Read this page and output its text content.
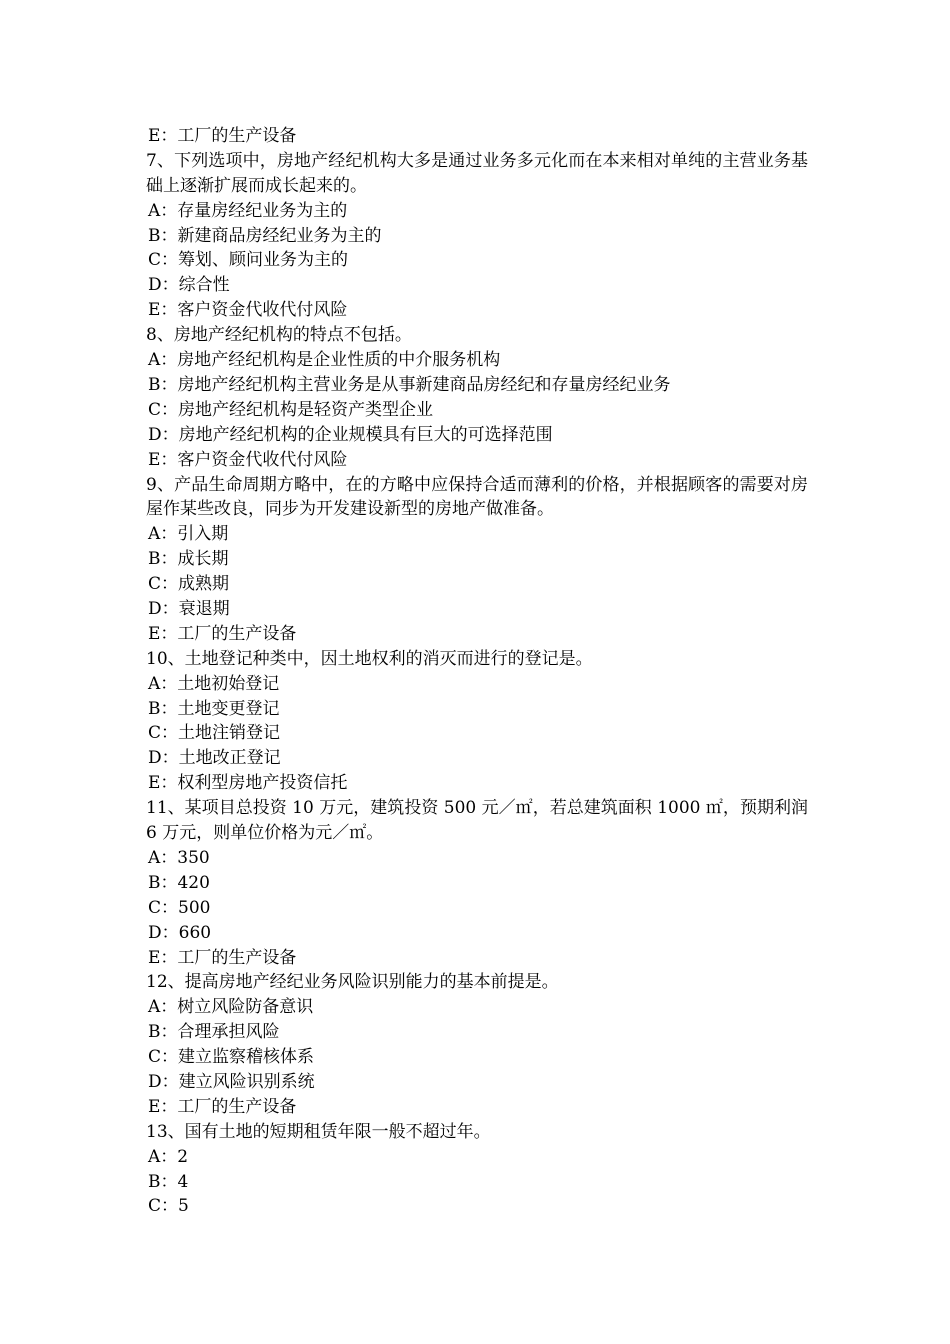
E：工厂的生产设备
7、下列选项中，房地产经纪机构大多是通过业务多元化而在本来相对单纯的主营业务基础上逐渐扩展而成长起来的。
A：存量房经纪业务为主的
B：新建商品房经纪业务为主的
C：筹划、顾问业务为主的
D：综合性
E：客户资金代收代付风险
8、房地产经纪机构的特点不包括。
A：房地产经纪机构是企业性质的中介服务机构
B：房地产经纪机构主营业务是从事新建商品房经纪和存量房经纪业务
C：房地产经纪机构是轻资产类型企业
D：房地产经纪机构的企业规模具有巨大的可选择范围
E：客户资金代收代付风险
9、产品生命周期方略中，在的方略中应保持合适而薄利的价格，并根据顾客的需要对房屋作某些改良，同步为开发建设新型的房地产做准备。
A：引入期
B：成长期
C：成熟期
D：衰退期
E：工厂的生产设备
10、土地登记种类中，因土地权利的消灭而进行的登记是。
A：土地初始登记
B：土地变更登记
C：土地注销登记
D：土地改正登记
E：权利型房地产投资信托
11、某项目总投资 10 万元，建筑投资 500 元／㎡，若总建筑面积 1000 ㎡，预期利润 6 万元，则单位价格为元／㎡。
A：350
B：420
C：500
D：660
E：工厂的生产设备
12、提高房地产经纪业务风险识别能力的基本前提是。
A：树立风险防备意识
B：合理承担风险
C：建立监察稽核体系
D：建立风险识别系统
E：工厂的生产设备
13、国有土地的短期租赁年限一般不超过年。
A：2
B：4
C：5
